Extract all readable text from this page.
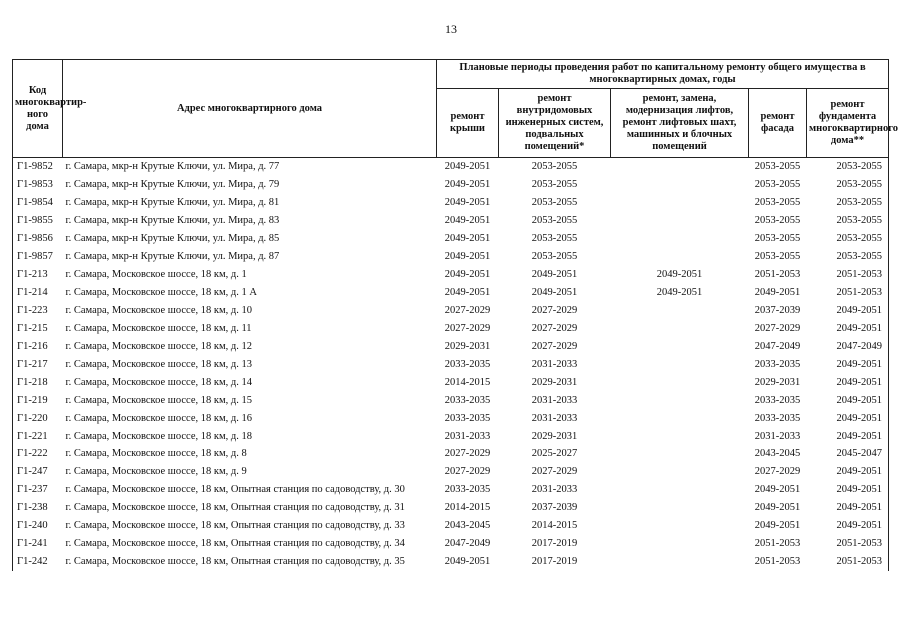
13
Код многоквартир-ного дома	Адрес многоквартирного дома	Плановые периоды проведения работ по капитальному ремонту общего имущества в многоквартирных домах, годы				
		ремонт крыши	ремонт внутридомовых инженерных систем, подвальных помещений*	ремонт, замена, модернизация лифтов, ремонт лифтовых шахт, машинных и блочных помещений	ремонт фасада	ремонт фундамента многоквартирного дома**
Г1-9852	г. Самара, мкр-н Крутые Ключи, ул. Мира, д. 77	2049-2051	2053-2055		2053-2055	2053-2055
Г1-9853	г. Самара, мкр-н Крутые Ключи, ул. Мира, д. 79	2049-2051	2053-2055		2053-2055	2053-2055
Г1-9854	г. Самара, мкр-н Крутые Ключи, ул. Мира, д. 81	2049-2051	2053-2055		2053-2055	2053-2055
Г1-9855	г. Самара, мкр-н Крутые Ключи, ул. Мира, д. 83	2049-2051	2053-2055		2053-2055	2053-2055
Г1-9856	г. Самара, мкр-н Крутые Ключи, ул. Мира, д. 85	2049-2051	2053-2055		2053-2055	2053-2055
Г1-9857	г. Самара, мкр-н Крутые Ключи, ул. Мира, д. 87	2049-2051	2053-2055		2053-2055	2053-2055
Г1-213	г. Самара, Московское шоссе, 18 км, д. 1	2049-2051	2049-2051	2049-2051	2051-2053	2051-2053
Г1-214	г. Самара, Московское шоссе, 18 км, д. 1 А	2049-2051	2049-2051	2049-2051	2049-2051	2051-2053
Г1-223	г. Самара, Московское шоссе, 18 км, д. 10	2027-2029	2027-2029		2037-2039	2049-2051
Г1-215	г. Самара, Московское шоссе, 18 км, д. 11	2027-2029	2027-2029		2027-2029	2049-2051
Г1-216	г. Самара, Московское шоссе, 18 км, д. 12	2029-2031	2027-2029		2047-2049	2047-2049
Г1-217	г. Самара, Московское шоссе, 18 км, д. 13	2033-2035	2031-2033		2033-2035	2049-2051
Г1-218	г. Самара, Московское шоссе, 18 км, д. 14	2014-2015	2029-2031		2029-2031	2049-2051
Г1-219	г. Самара, Московское шоссе, 18 км, д. 15	2033-2035	2031-2033		2033-2035	2049-2051
Г1-220	г. Самара, Московское шоссе, 18 км, д. 16	2033-2035	2031-2033		2033-2035	2049-2051
Г1-221	г. Самара, Московское шоссе, 18 км, д. 18	2031-2033	2029-2031		2031-2033	2049-2051
Г1-222	г. Самара, Московское шоссе, 18 км, д. 8	2027-2029	2025-2027		2043-2045	2045-2047
Г1-247	г. Самара, Московское шоссе, 18 км, д. 9	2027-2029	2027-2029		2027-2029	2049-2051
Г1-237	г. Самара, Московское шоссе, 18 км, Опытная станция по садоводству, д. 30	2033-2035	2031-2033		2049-2051	2049-2051
Г1-238	г. Самара, Московское шоссе, 18 км, Опытная станция по садоводству, д. 31	2014-2015	2037-2039		2049-2051	2049-2051
Г1-240	г. Самара, Московское шоссе, 18 км, Опытная станция по садоводству, д. 33	2043-2045	2014-2015		2049-2051	2049-2051
Г1-241	г. Самара, Московское шоссе, 18 км, Опытная станция по садоводству, д. 34	2047-2049	2017-2019		2051-2053	2051-2053
Г1-242	г. Самара, Московское шоссе, 18 км, Опытная станция по садоводству, д. 35	2049-2051	2017-2019		2051-2053	2051-2053
